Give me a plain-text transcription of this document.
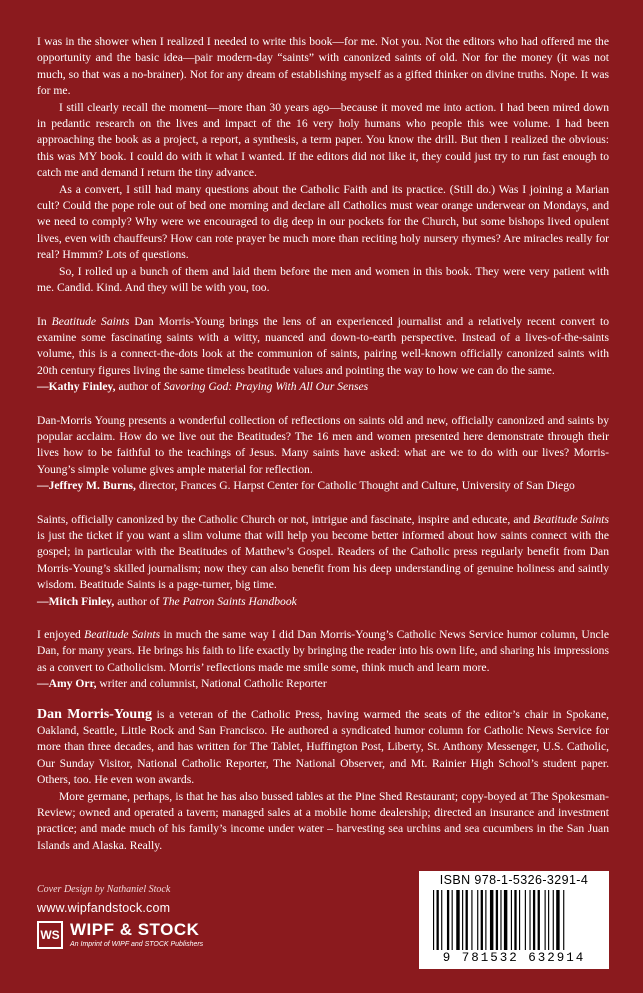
I was in the shower when I realized I needed to write this book—for me. Not you. Not the editors who had offered me the opportunity and the basic idea—pair modern-day “saints” with canonized saints of old. Nor for the money (it was not much, so that was a no-brainer). Not for any dream of establishing myself as a gifted thinker on divine truths. Nope. It was for me.

I still clearly recall the moment—more than 30 years ago—because it moved me into action. I had been mired down in pedantic research on the lives and impact of the 16 very holy humans who people this wee volume. I had been approaching the book as a project, a report, a synthesis, a term paper. You know the drill. But then I realized the obvious: this was MY book. I could do with it what I wanted. If the editors did not like it, they could just try to run fast enough to catch me and demand I return the tiny advance.

As a convert, I still had many questions about the Catholic Faith and its practice. (Still do.) Was I joining a Marian cult? Could the pope role out of bed one morning and declare all Catholics must wear orange underwear on Mondays, and we need to comply? Why were we encouraged to dig deep in our pockets for the Church, but some bishops lived opulent lives, even with chauffeurs? How can rote prayer be much more than reciting holy nursery rhymes? Are miracles really for real? Hmmm? Lots of questions.

So, I rolled up a bunch of them and laid them before the men and women in this book. They were very patient with me. Candid. Kind. And they will be with you, too.

In Beatitude Saints Dan Morris-Young brings the lens of an experienced journalist and a relatively recent convert to examine some fascinating saints with a witty, nuanced and down-to-earth perspective. Instead of a lives-of-the-saints volume, this is a connect-the-dots look at the communion of saints, pairing well-known officially canonized saints with 20th century figures living the same timeless beatitude values and pointing the way to how we can do the same.

—Kathy Finley, author of Savoring God: Praying With All Our Senses

Dan-Morris Young presents a wonderful collection of reflections on saints old and new, officially canonized and saints by popular acclaim. How do we live out the Beatitudes? The 16 men and women presented here demonstrate through their lives how to be faithful to the teachings of Jesus. Many saints have asked: what are we to do with our lives? Morris-Young’s simple volume gives ample material for reflection.

—Jeffrey M. Burns, director, Frances G. Harpst Center for Catholic Thought and Culture, University of San Diego

Saints, officially canonized by the Catholic Church or not, intrigue and fascinate, inspire and educate, and Beatitude Saints is just the ticket if you want a slim volume that will help you become better informed about how saints connect with the gospel; in particular with the Beatitudes of Matthew’s Gospel. Readers of the Catholic press regularly benefit from Dan Morris-Young’s skilled journalism; now they can also benefit from his deep understanding of genuine holiness and saintly wisdom. Beatitude Saints is a page-turner, big time.

—Mitch Finley, author of The Patron Saints Handbook

I enjoyed Beatitude Saints in much the same way I did Dan Morris-Young’s Catholic News Service humor column, Uncle Dan, for many years. He brings his faith to life exactly by bringing the reader into his own life, and sharing his impressions as a convert to Catholicism. Morris’ reflections made me smile some, think much and learn more.

—Amy Orr, writer and columnist, National Catholic Reporter

Dan Morris-Young is a veteran of the Catholic Press, having warmed the seats of the editor’s chair in Spokane, Oakland, Seattle, Little Rock and San Francisco. He authored a syndicated humor column for Catholic News Service for more than three decades, and has written for The Tablet, Huffington Post, Liberty, St. Anthony Messenger, U.S. Catholic, Our Sunday Visitor, National Catholic Reporter, The National Observer, and Mt. Rainier High School’s student paper. Others, too. He even won awards.

More germane, perhaps, is that he has also bussed tables at the Pine Shed Restaurant; copy-boyed at The Spokesman-Review; owned and operated a tavern; managed sales at a mobile home dealership; directed an insurance and investment practice; and made much of his family’s income under water – harvesting sea urchins and sea cucumbers in the San Juan Islands and Alaska. Really.

Cover Design by Nathaniel Stock
www.wipfandstock.com
WS WIPF & STOCK
An Imprint of WIPF and STOCK Publishers
ISBN 978-1-5326-3291-4
9 781532 632914
